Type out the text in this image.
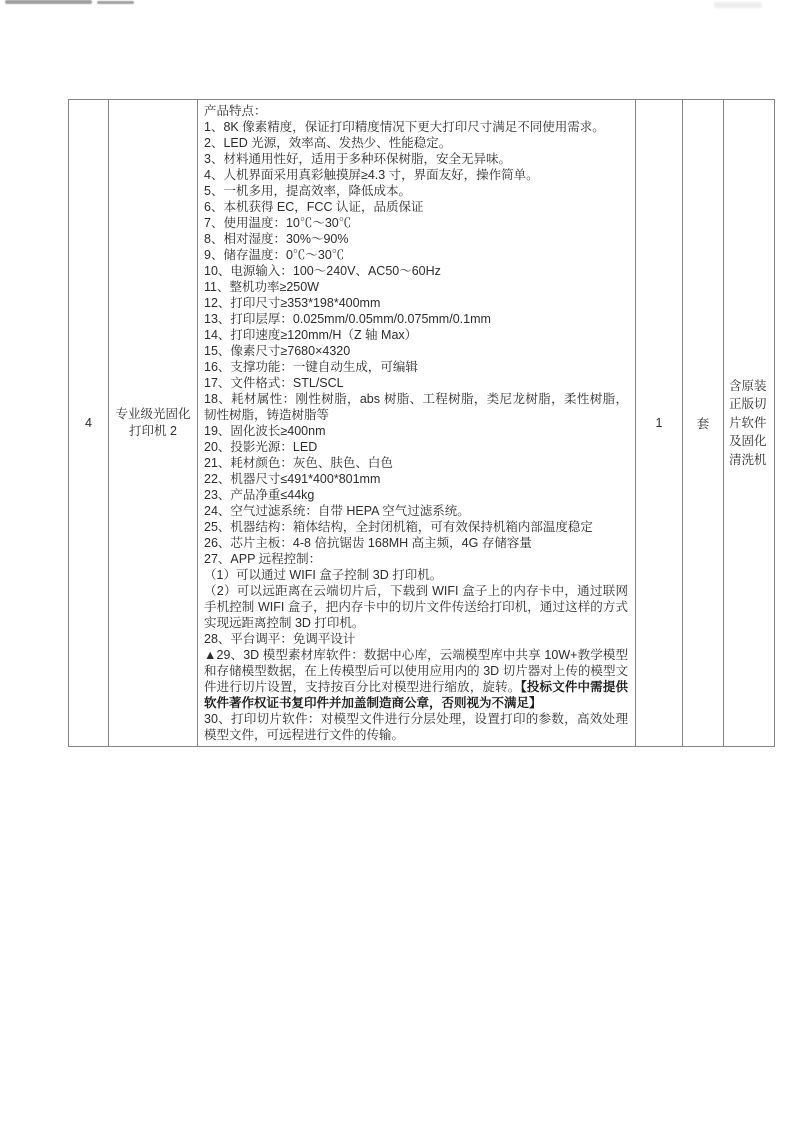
4
专业级光固化打印机 2

产品特点：

1、8K 像素精度，保证打印精度情况下更大打印尺寸满足不同使用需求。

2、LED 光源，效率高、发热少、性能稳定。

3、材料通用性好，适用于多种环保树脂，安全无异味。

4、人机界面采用真彩触摸屏≥4.3 寸，界面友好，操作简单。

5、一机多用，提高效率，降低成本。

6、本机获得 EC，FCC 认证，品质保证

7、使用温度：10℃～30℃

8、相对湿度：30%～90%

9、储存温度：0℃～30℃

10、电源输入：100～240V、AC50～60Hz

11、整机功率≥250W

12、打印尺寸≥353*198*400mm

13、打印层厚：0.025mm/0.05mm/0.075mm/0.1mm

14、打印速度≥120mm/H（Z 轴 Max）

15、像素尺寸≥7680×4320

16、支撑功能：一键自动生成，可编辑

17、文件格式：STL/SCL

18、耗材属性：刚性树脂，abs 树脂、工程树脂，类尼龙树脂，柔性树脂，韧性树脂，铸造树脂等

19、固化波长≥400nm

20、投影光源：LED

21、耗材颜色：灰色、肤色、白色

22、机器尺寸≤491*400*801mm

23、产品净重≤44kg

24、空气过滤系统：自带 HEPA 空气过滤系统。

25、机器结构：箱体结构，全封闭机箱，可有效保持机箱内部温度稳定

26、芯片主板：4-8 倍抗锯齿 168MH 高主频，4G 存储容量

27、APP 远程控制：

（1）可以通过 WIFI 盒子控制 3D 打印机。

（2）可以远距离在云端切片后，下载到 WIFI 盒子上的内存卡中，通过联网手机控制 WIFI 盒子，把内存卡中的切片文件传送给打印机，通过这样的方式实现远距离控制 3D 打印机。

28、平台调平：免调平设计

▲29、3D 模型素材库软件：数据中心库，云端模型库中共享 10W+教学模型和存储模型数据，在上传模型后可以使用应用内的 3D 切片器对上传的模型文件进行切片设置，支持按百分比对模型进行缩放，旋转。【投标文件中需提供软件著作权证书复印件并加盖制造商公章，否则视为不满足】

30、打印切片软件：对模型文件进行分层处理，设置打印的参数，高效处理模型文件，可远程进行文件的传输。

1	套
含原装正版切片软件及固化清洗机
